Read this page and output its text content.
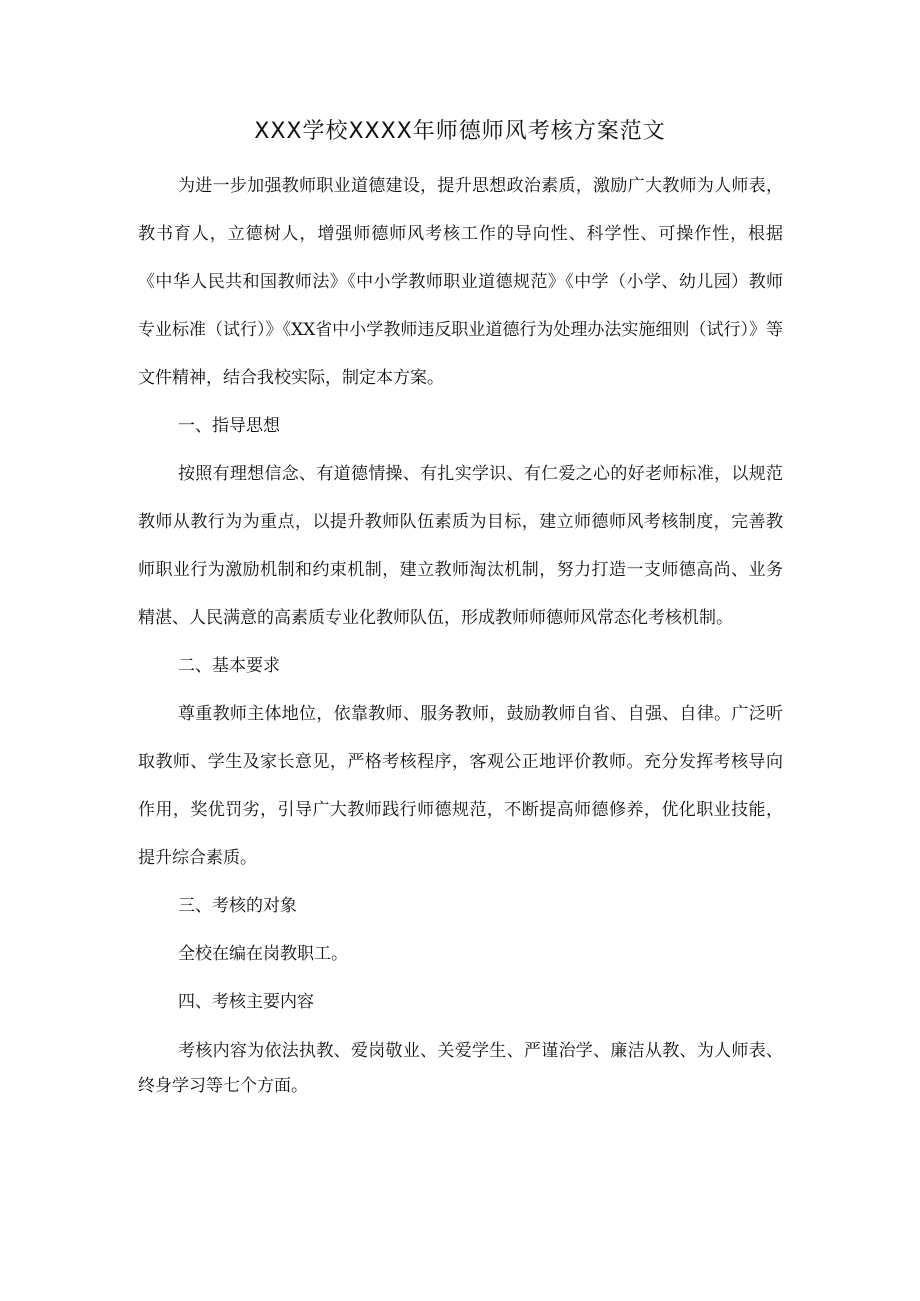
XXX学校XXXX年师德师风考核方案范文

为进一步加强教师职业道德建设，提升思想政治素质，激励广大教师为人师表，教书育人，立德树人，增强师德师风考核工作的导向性、科学性、可操作性，根据《中华人民共和国教师法》《中小学教师职业道德规范》《中学（小学、幼儿园）教师专业标准（试行）》《XX省中小学教师违反职业道德行为处理办法实施细则（试行）》等文件精神，结合我校实际，制定本方案。

一、指导思想

按照有理想信念、有道德情操、有扎实学识、有仁爱之心的好老师标准，以规范教师从教行为为重点，以提升教师队伍素质为目标，建立师德师风考核制度，完善教师职业行为激励机制和约束机制，建立教师淘汰机制，努力打造一支师德高尚、业务精湛、人民满意的高素质专业化教师队伍，形成教师师德师风常态化考核机制。

二、基本要求

尊重教师主体地位，依靠教师、服务教师，鼓励教师自省、自强、自律。广泛听取教师、学生及家长意见，严格考核程序，客观公正地评价教师。充分发挥考核导向作用，奖优罚劣，引导广大教师践行师德规范，不断提高师德修养，优化职业技能，提升综合素质。

三、考核的对象

全校在编在岗教职工。

四、考核主要内容

考核内容为依法执教、爱岗敬业、关爱学生、严谨治学、廉洁从教、为人师表、终身学习等七个方面。
